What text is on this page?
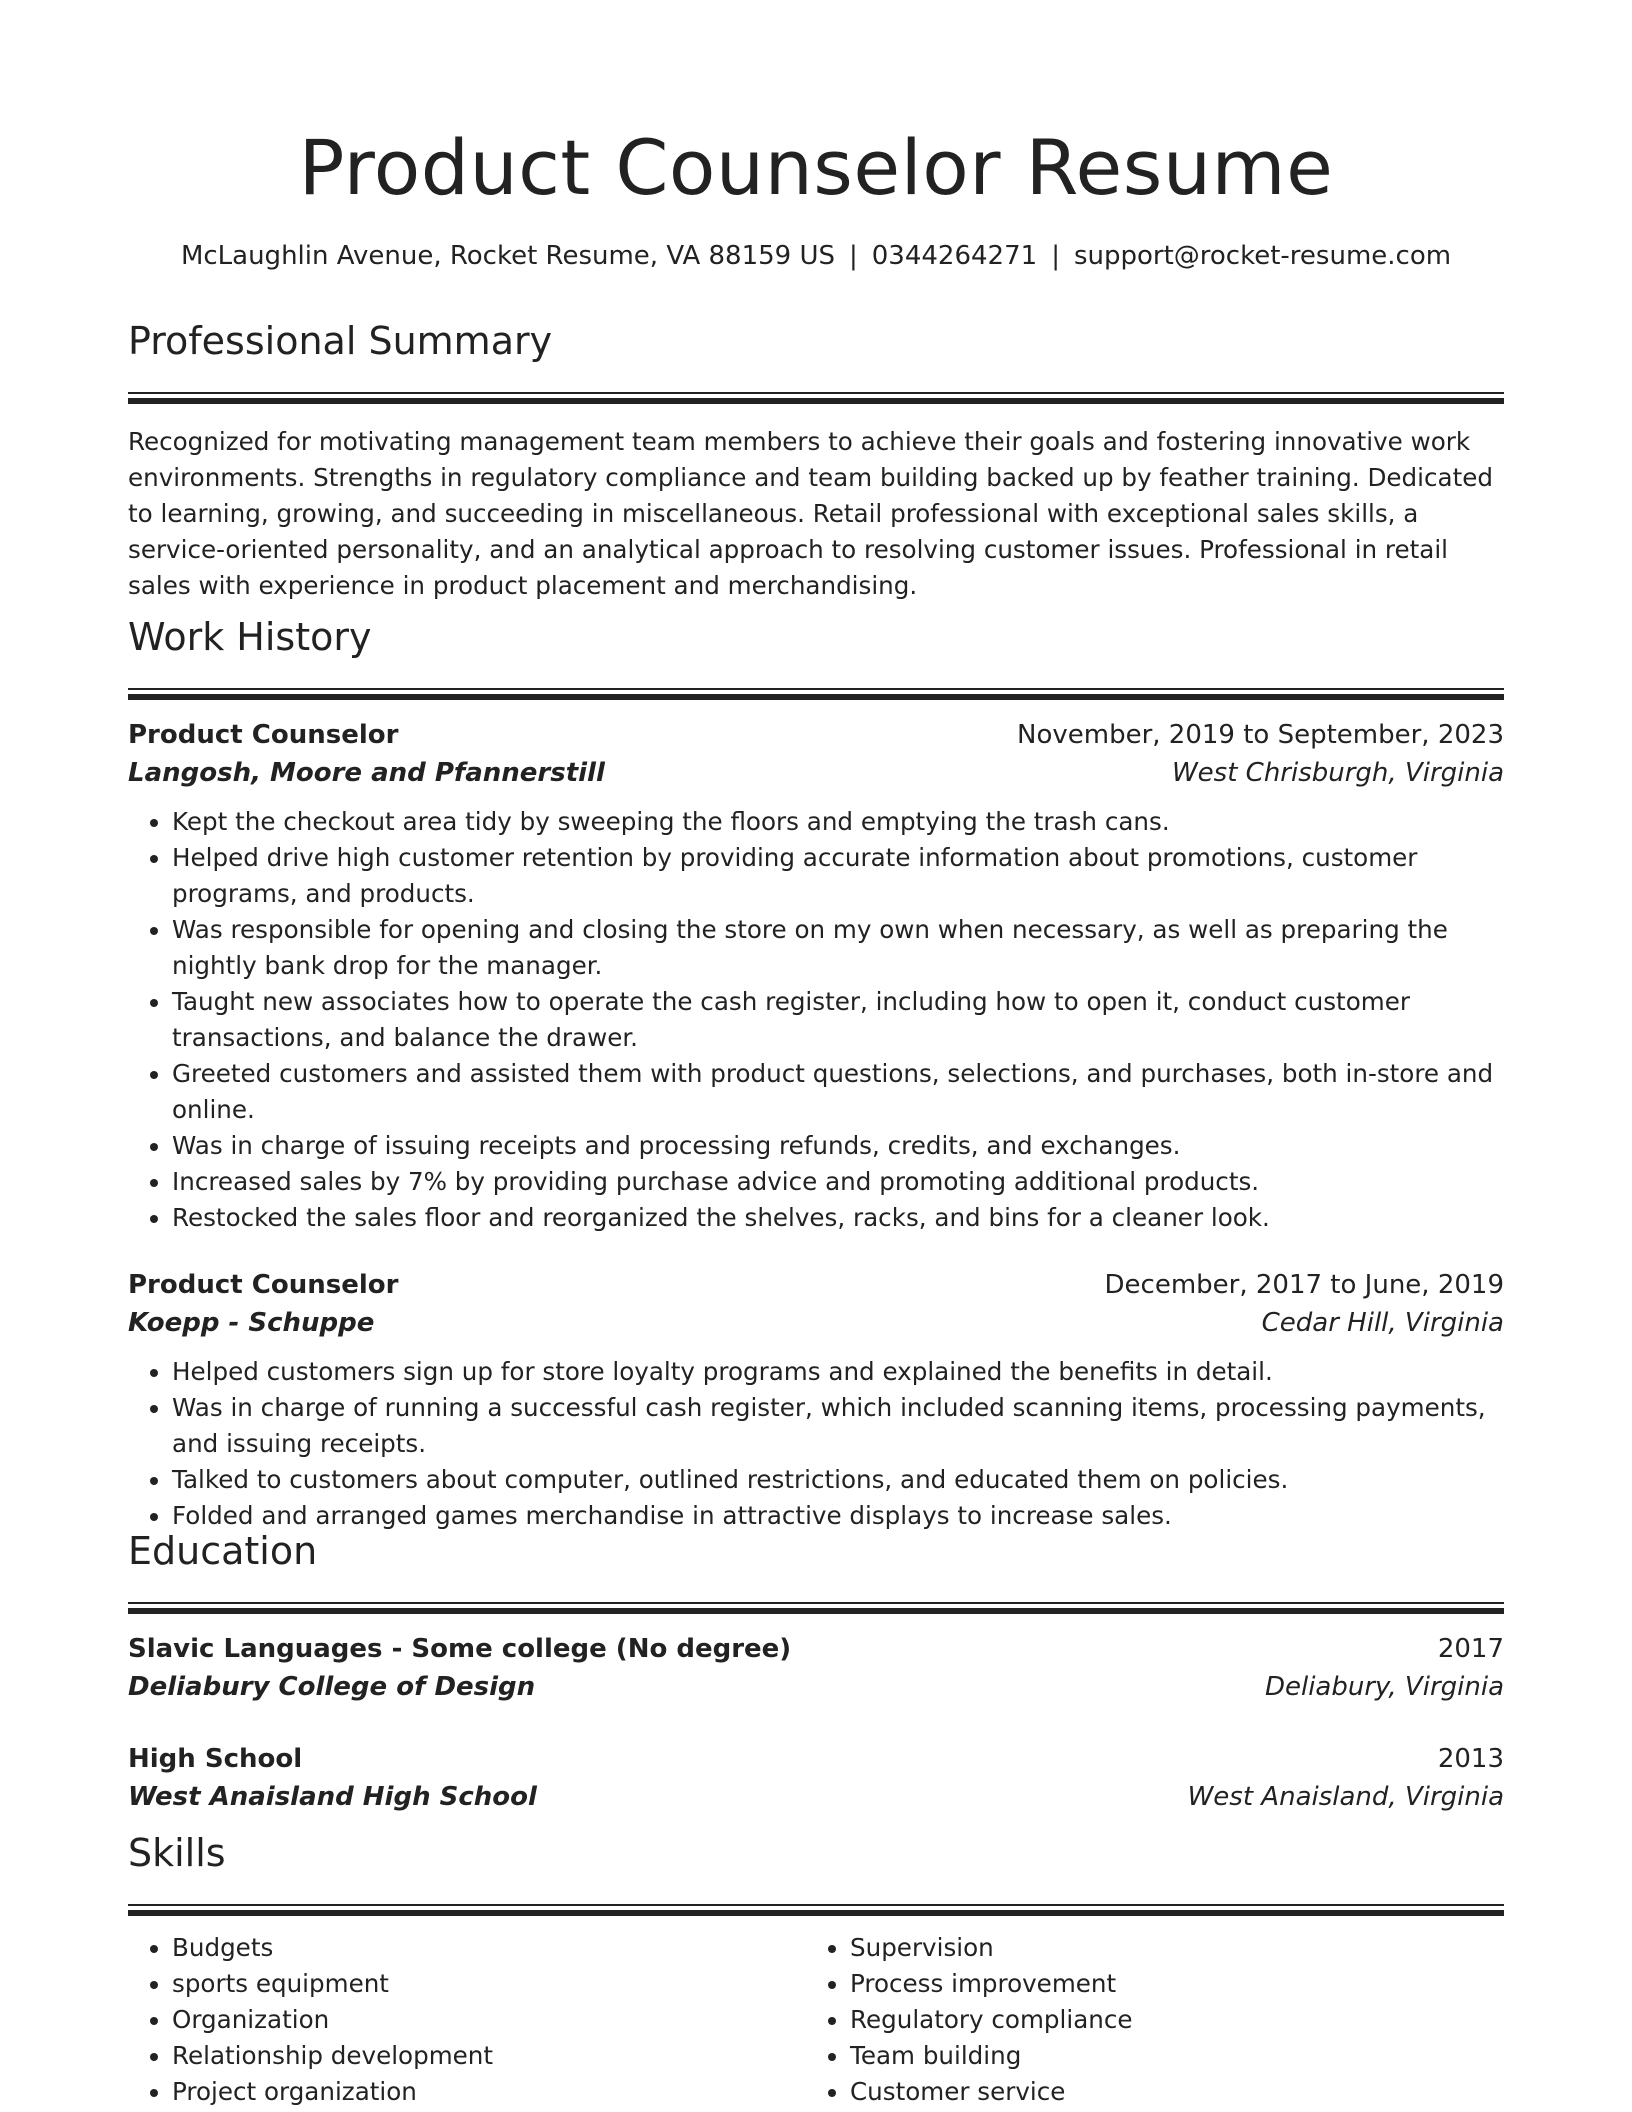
Product Counselor Resume
McLaughlin Avenue, Rocket Resume, VA 88159 US | 0344264271 | support@rocket-resume.com
Professional Summary

Recognized for motivating management team members to achieve their goals and fostering innovative work environments. Strengths in regulatory compliance and team building backed up by feather training. Dedicated to learning, growing, and succeeding in miscellaneous. Retail professional with exceptional sales skills, a service-oriented personality, and an analytical approach to resolving customer issues. Professional in retail sales with experience in product placement and merchandising.

Work History
Product Counselor	November, 2019 to September, 2023
Langosh, Moore and Pfannerstill	West Chrisburgh, Virginia
• Kept the checkout area tidy by sweeping the floors and emptying the trash cans.
• Helped drive high customer retention by providing accurate information about promotions, customer programs, and products.
• Was responsible for opening and closing the store on my own when necessary, as well as preparing the nightly bank drop for the manager.
• Taught new associates how to operate the cash register, including how to open it, conduct customer transactions, and balance the drawer.
• Greeted customers and assisted them with product questions, selections, and purchases, both in-store and online.
• Was in charge of issuing receipts and processing refunds, credits, and exchanges.
• Increased sales by 7% by providing purchase advice and promoting additional products.
• Restocked the sales floor and reorganized the shelves, racks, and bins for a cleaner look.
Product Counselor	December, 2017 to June, 2019
Koepp - Schuppe	Cedar Hill, Virginia
• Helped customers sign up for store loyalty programs and explained the benefits in detail.
• Was in charge of running a successful cash register, which included scanning items, processing payments, and issuing receipts.
• Talked to customers about computer, outlined restrictions, and educated them on policies.
• Folded and arranged games merchandise in attractive displays to increase sales.
Education
Slavic Languages - Some college (No degree)	2017
Deliabury College of Design	Deliabury, Virginia
High School	2013
West Anaisland High School	West Anaisland, Virginia
Skills
• Budgets
• sports equipment
• Organization
• Relationship development
• Project organization
• Supervision
• Process improvement
• Regulatory compliance
• Team building
• Customer service
